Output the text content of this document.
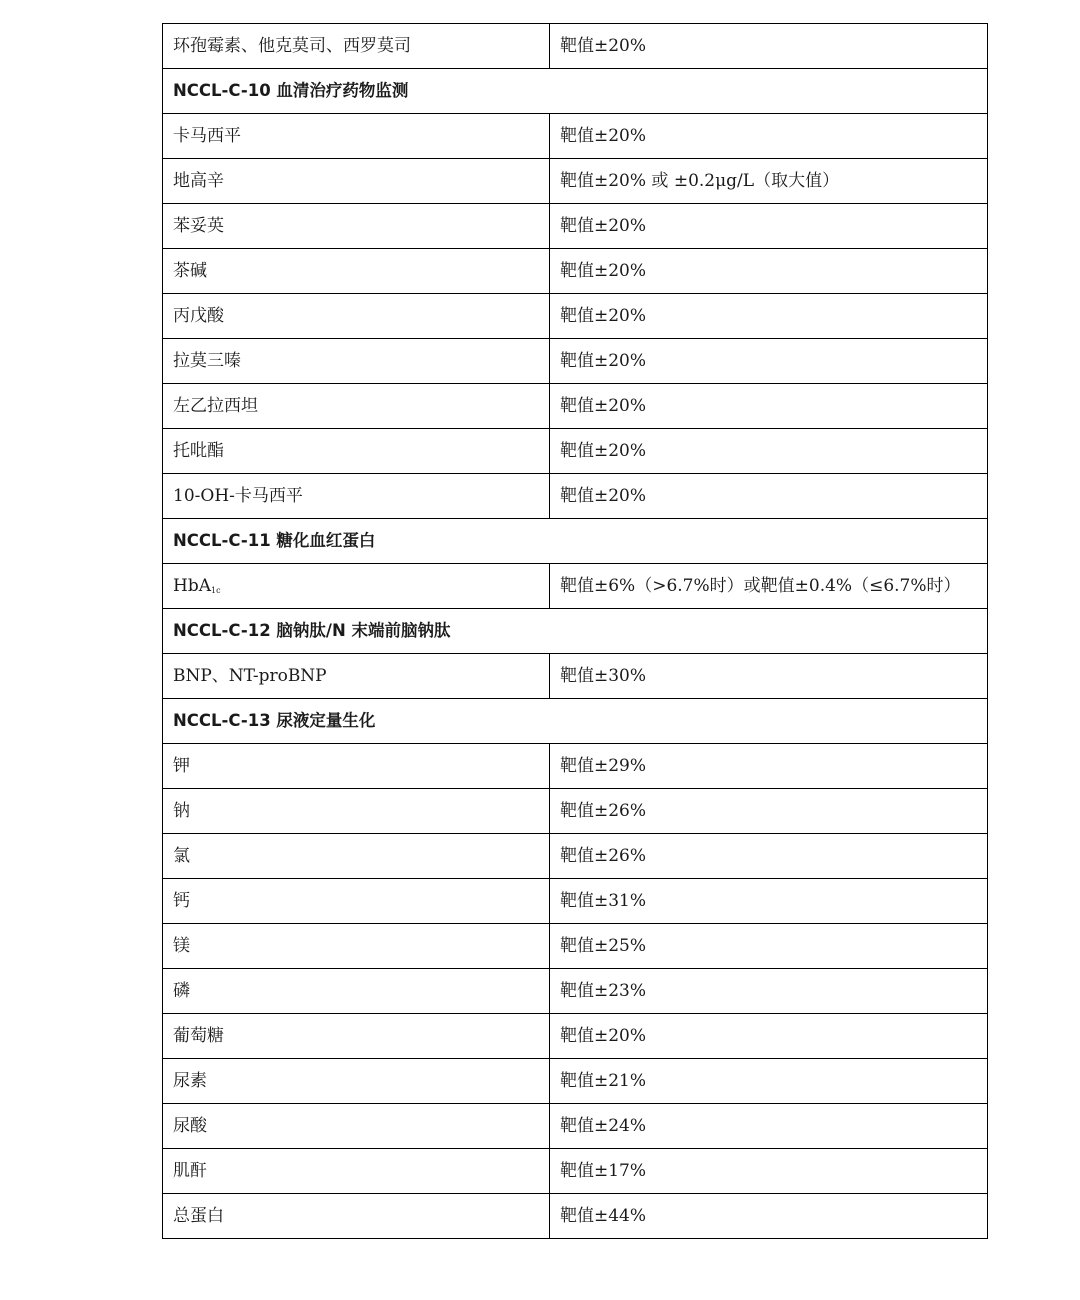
环孢霉素、他克莫司、西罗莫司	靶值±20%
NCCL-C-10 血清治疗药物监测	
卡马西平	靶值±20%
地高辛	靶值±20% 或 ±0.2μg/L（取大值）
苯妥英	靶值±20%
茶碱	靶值±20%
丙戊酸	靶值±20%
拉莫三嗪	靶值±20%
左乙拉西坦	靶值±20%
托吡酯	靶值±20%
10-OH-卡马西平	靶值±20%
NCCL-C-11 糖化血红蛋白	
HbA$_{1c}$	靶值±6%（>6.7%时）或靶值±0.4%（≤6.7%时）
NCCL-C-12 脑钠肽/N 末端前脑钠肽	
BNP、NT-proBNP	靶值±30%
NCCL-C-13 尿液定量生化	
钾	靶值±29%
钠	靶值±26%
氯	靶值±26%
钙	靶值±31%
镁	靶值±25%
磷	靶值±23%
葡萄糖	靶值±20%
尿素	靶值±21%
尿酸	靶值±24%
肌酐	靶值±17%
总蛋白	靶值±44%
